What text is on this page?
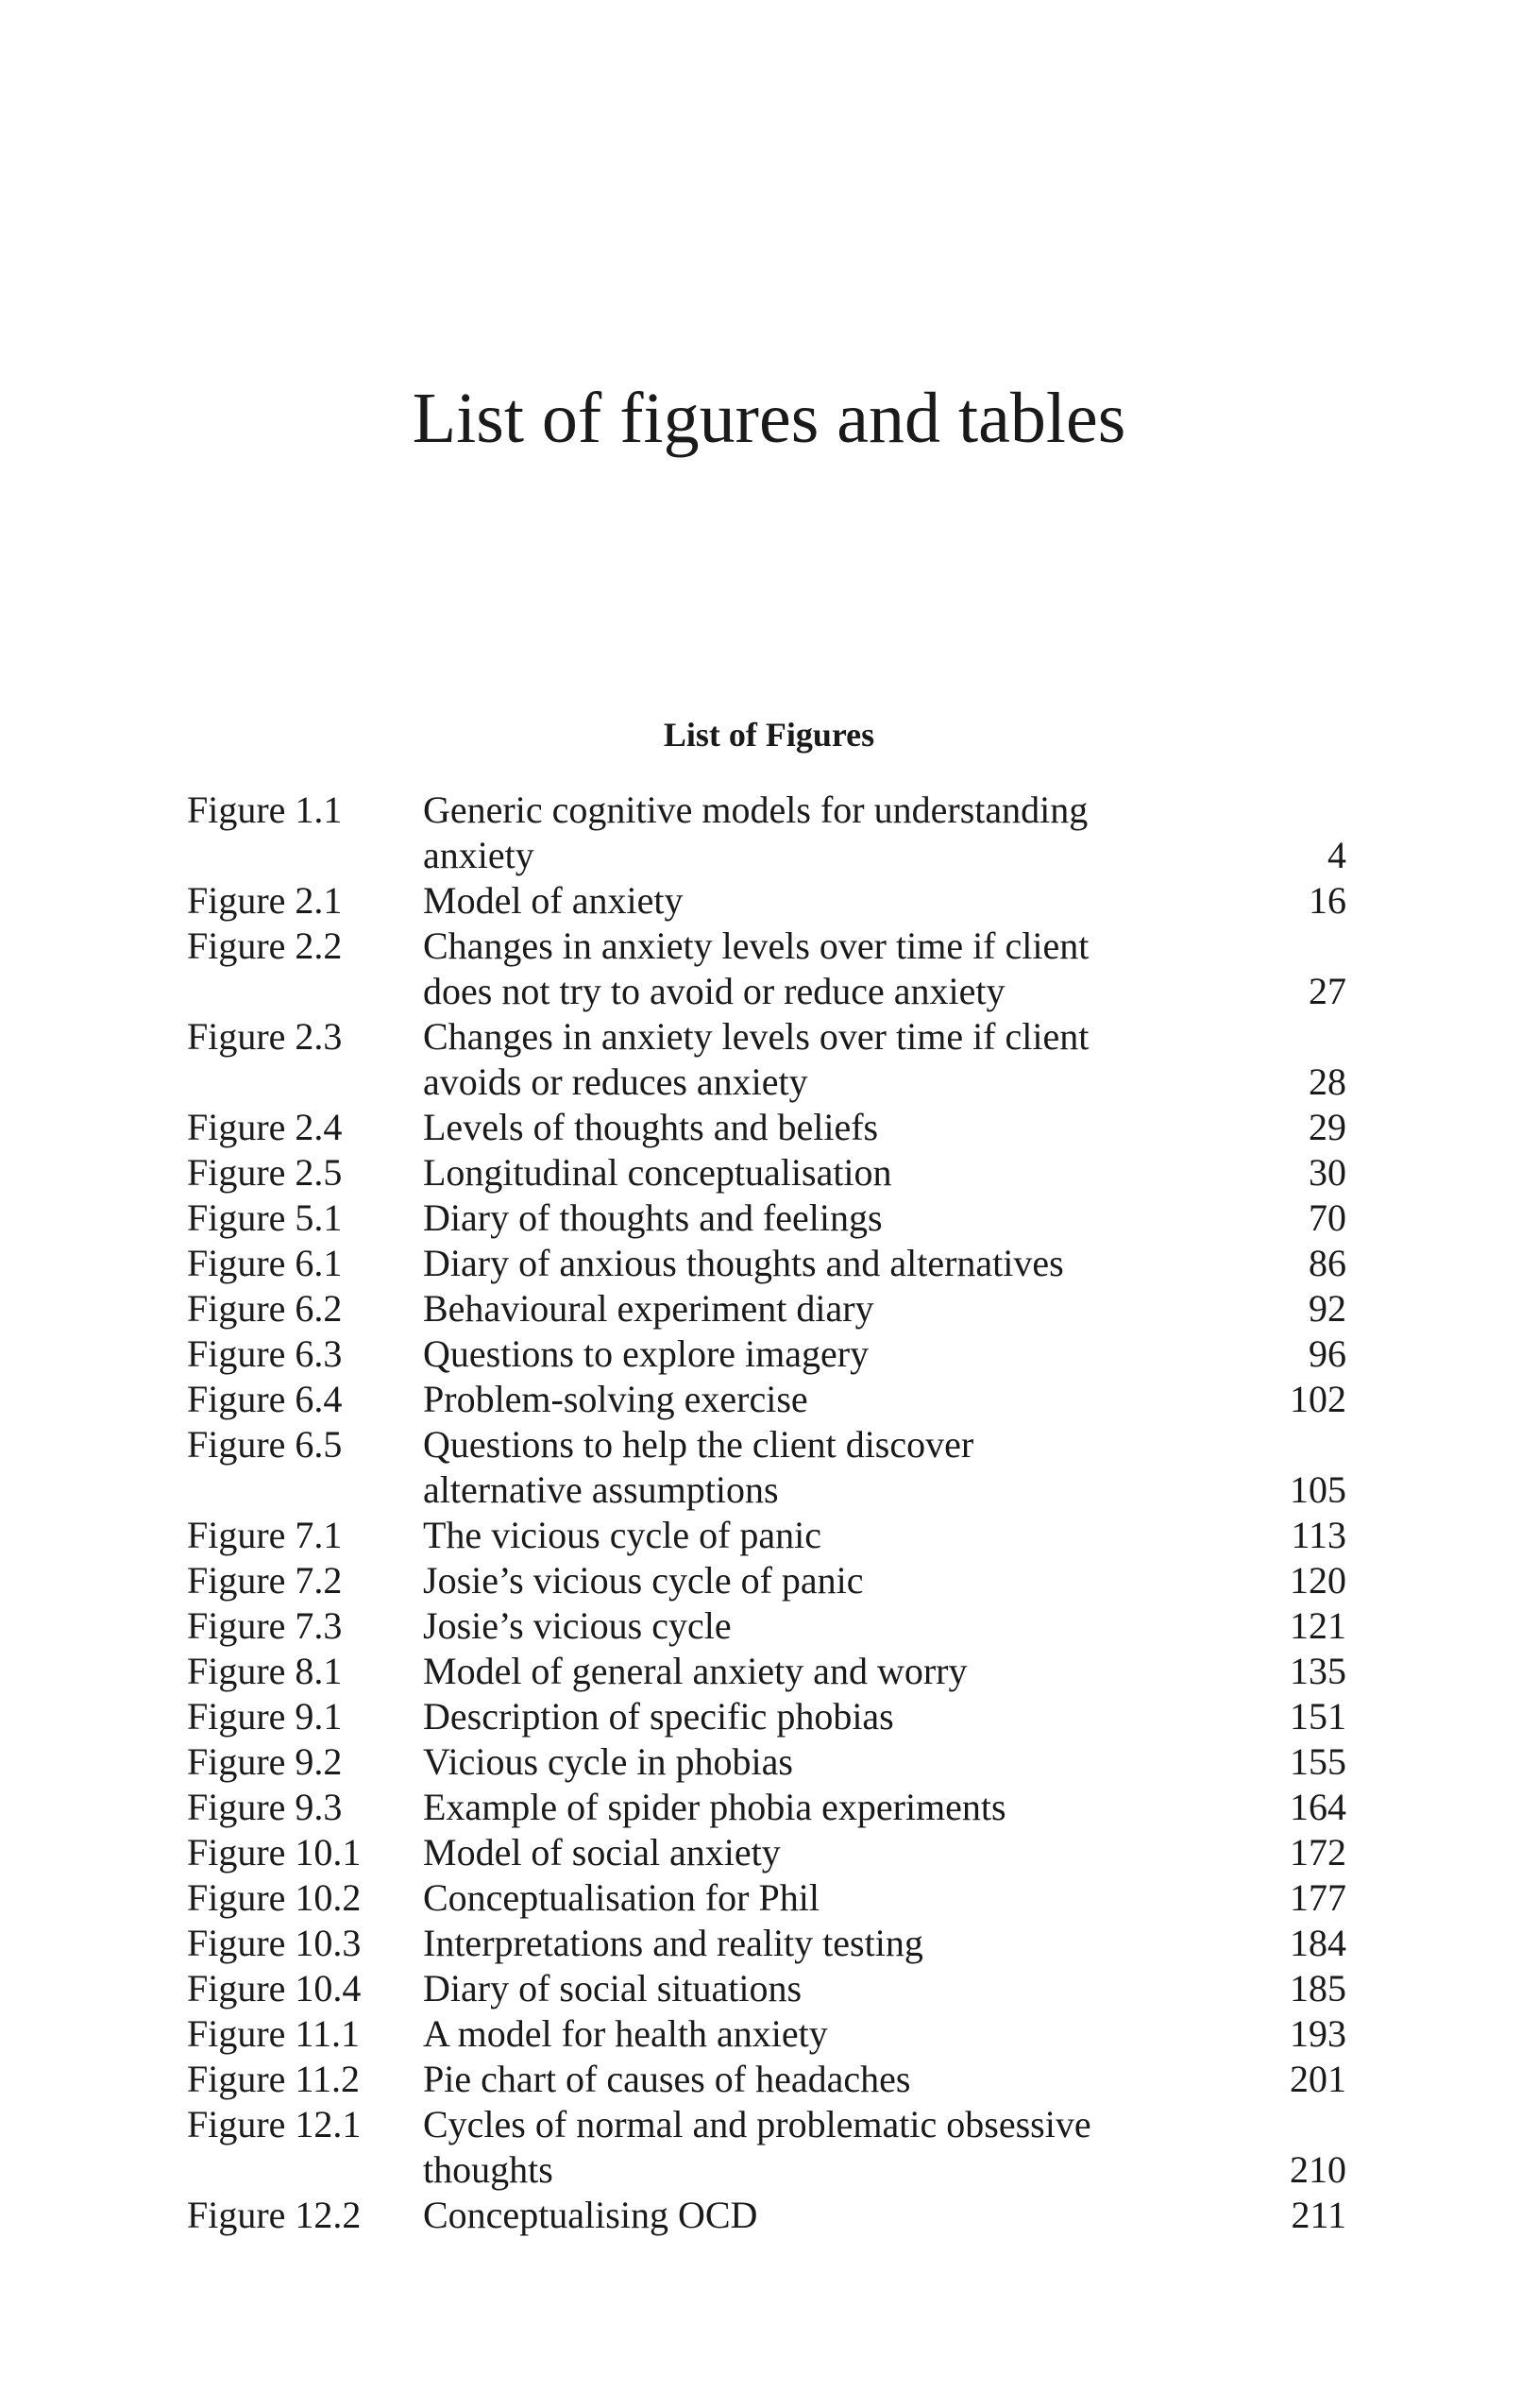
List of figures and tables
List of Figures
Figure 1.1	Generic cognitive models for understanding
anxiety	4
Figure 2.1	Model of anxiety	16
Figure 2.2	Changes in anxiety levels over time if client
does not try to avoid or reduce anxiety	27
Figure 2.3	Changes in anxiety levels over time if client
avoids or reduces anxiety	28
Figure 2.4	Levels of thoughts and beliefs	29
Figure 2.5	Longitudinal conceptualisation	30
Figure 5.1	Diary of thoughts and feelings	70
Figure 6.1	Diary of anxious thoughts and alternatives	86
Figure 6.2	Behavioural experiment diary	92
Figure 6.3	Questions to explore imagery	96
Figure 6.4	Problem-solving exercise	102
Figure 6.5	Questions to help the client discover
alternative assumptions	105
Figure 7.1	The vicious cycle of panic	113
Figure 7.2	Josie’s vicious cycle of panic	120
Figure 7.3	Josie’s vicious cycle	121
Figure 8.1	Model of general anxiety and worry	135
Figure 9.1	Description of specific phobias	151
Figure 9.2	Vicious cycle in phobias	155
Figure 9.3	Example of spider phobia experiments	164
Figure 10.1	Model of social anxiety	172
Figure 10.2	Conceptualisation for Phil	177
Figure 10.3	Interpretations and reality testing	184
Figure 10.4	Diary of social situations	185
Figure 11.1	A model for health anxiety	193
Figure 11.2	Pie chart of causes of headaches	201
Figure 12.1	Cycles of normal and problematic obsessive
thoughts	210
Figure 12.2	Conceptualising OCD	211
